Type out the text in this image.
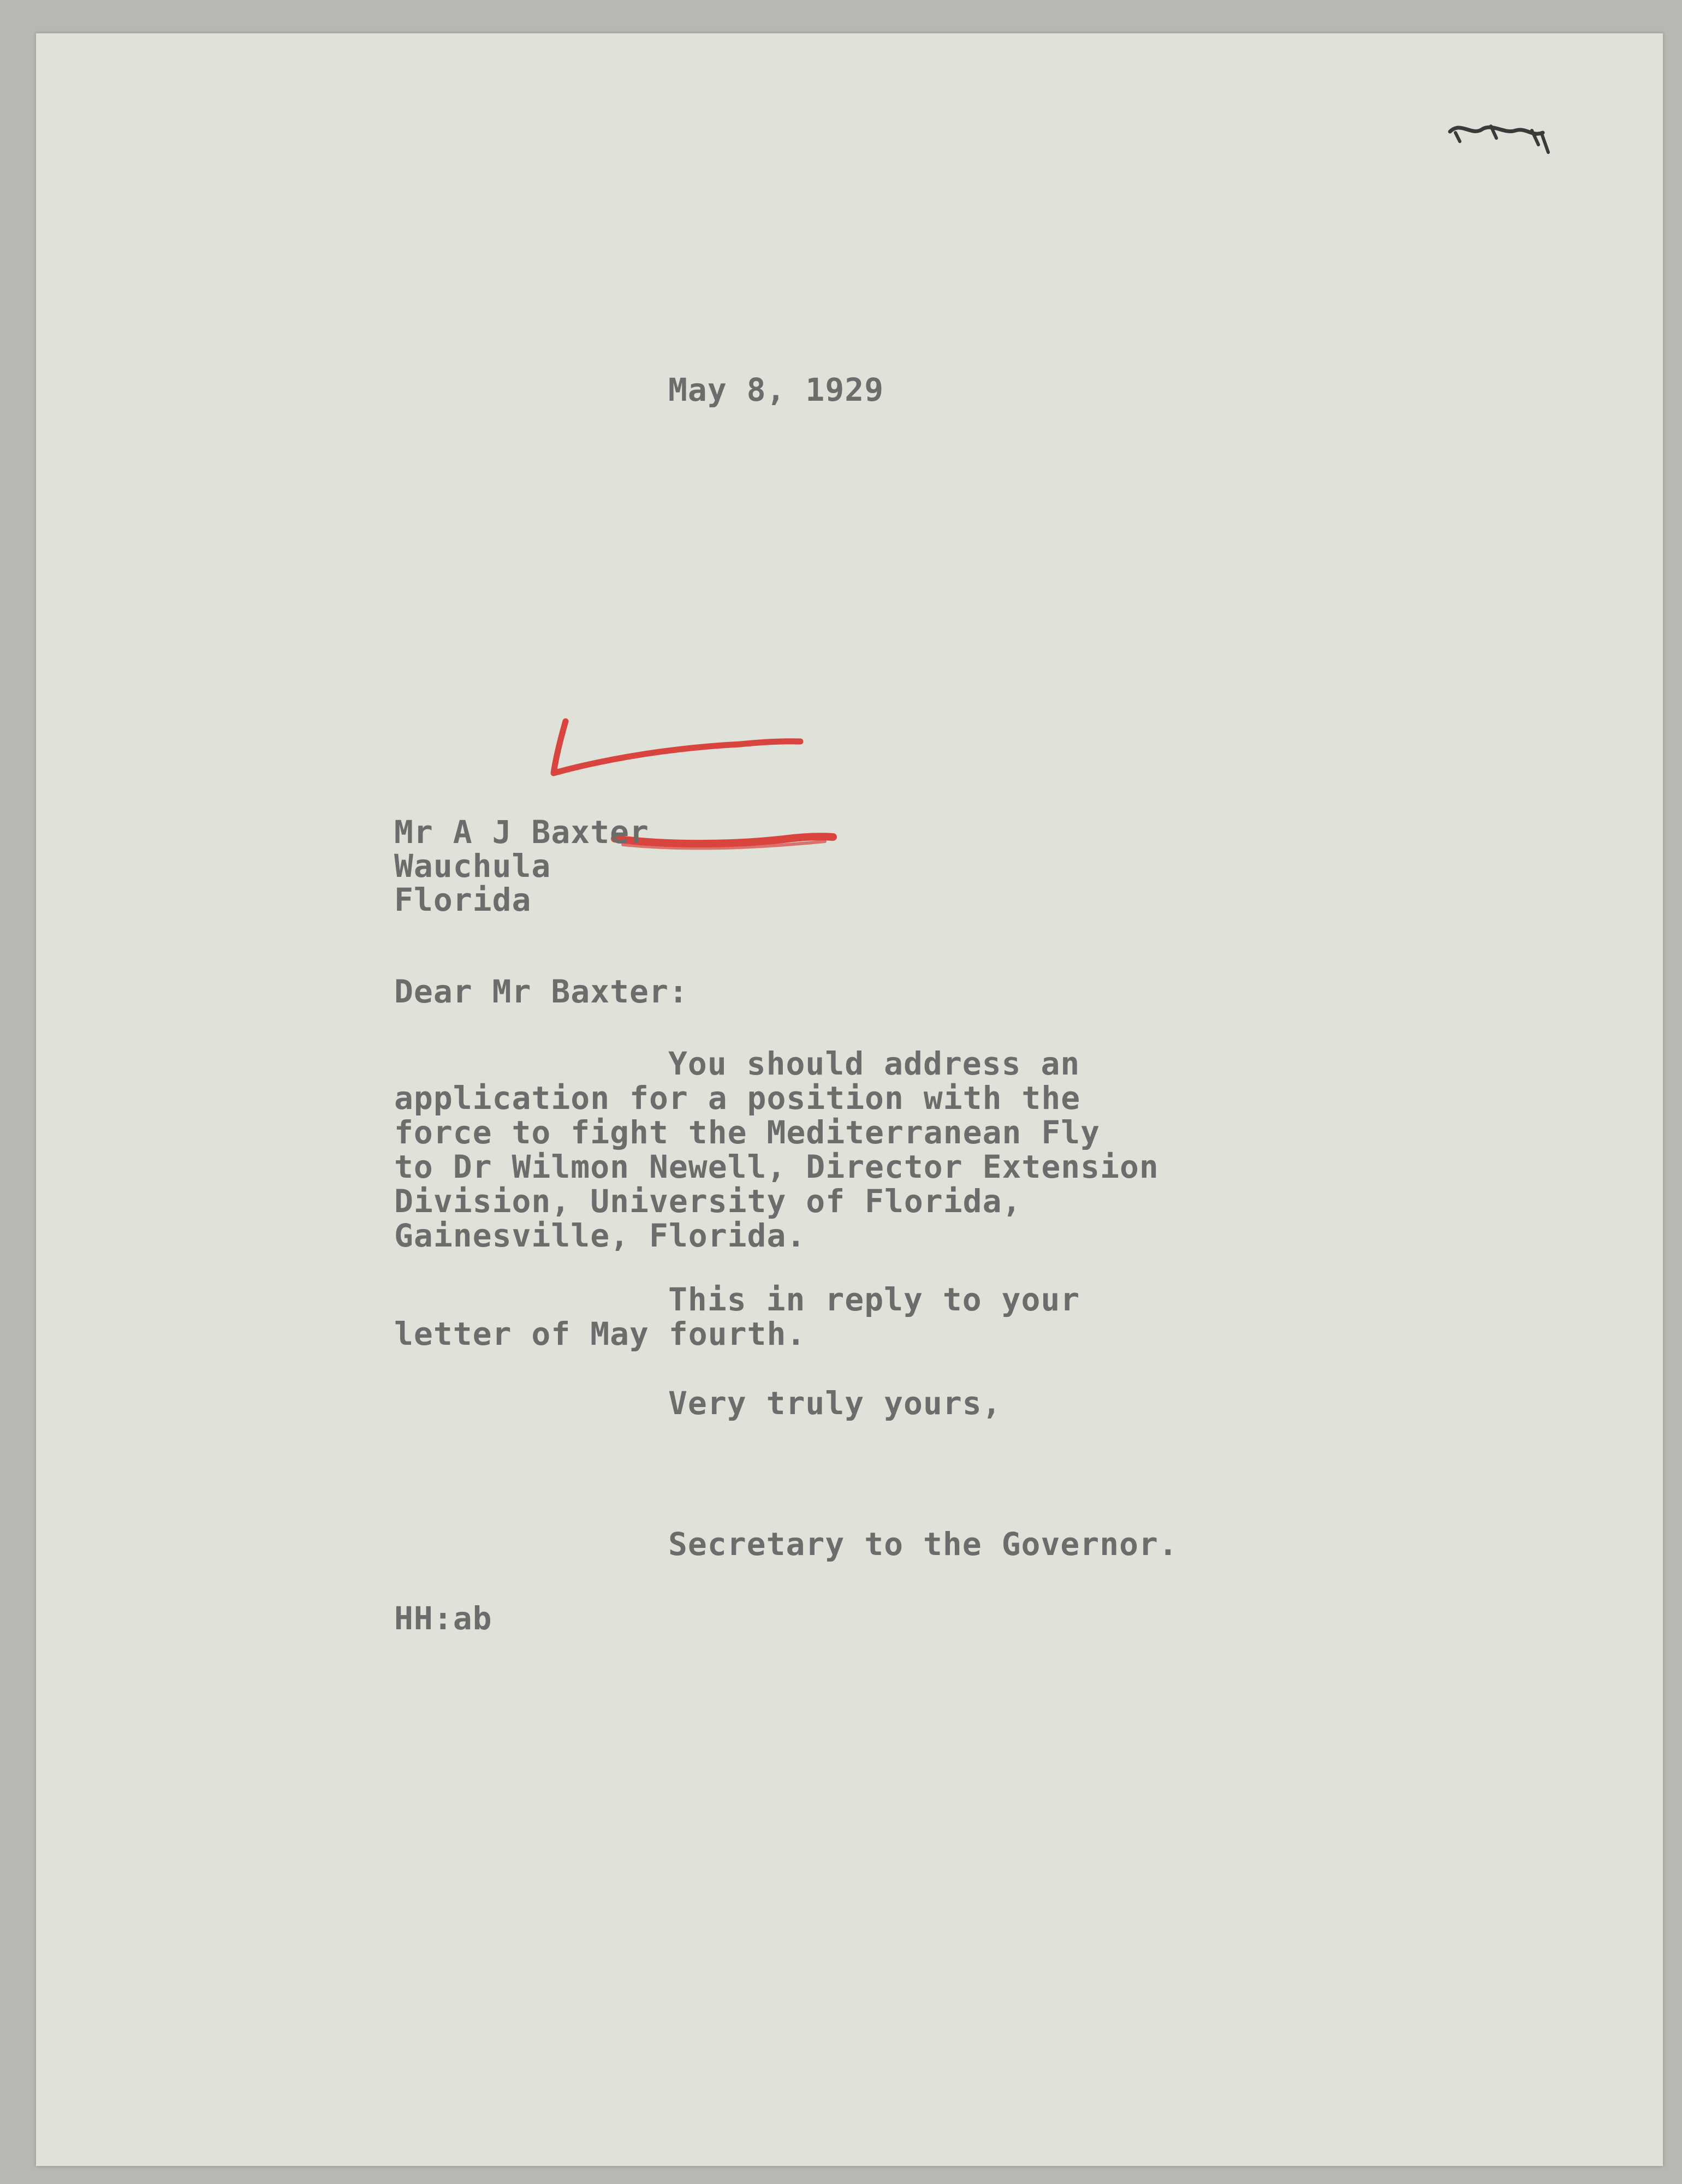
May 8, 1929
Mr A J Baxter
Wauchula
Florida
Dear Mr Baxter:
You should address an
application for a position with the
force to fight the Mediterranean Fly
to Dr Wilmon Newell, Director Extension
Division, University of Florida,
Gainesville, Florida.
This in reply to your
letter of May fourth.
Very truly yours,
Secretary to the Governor.
HH:ab
